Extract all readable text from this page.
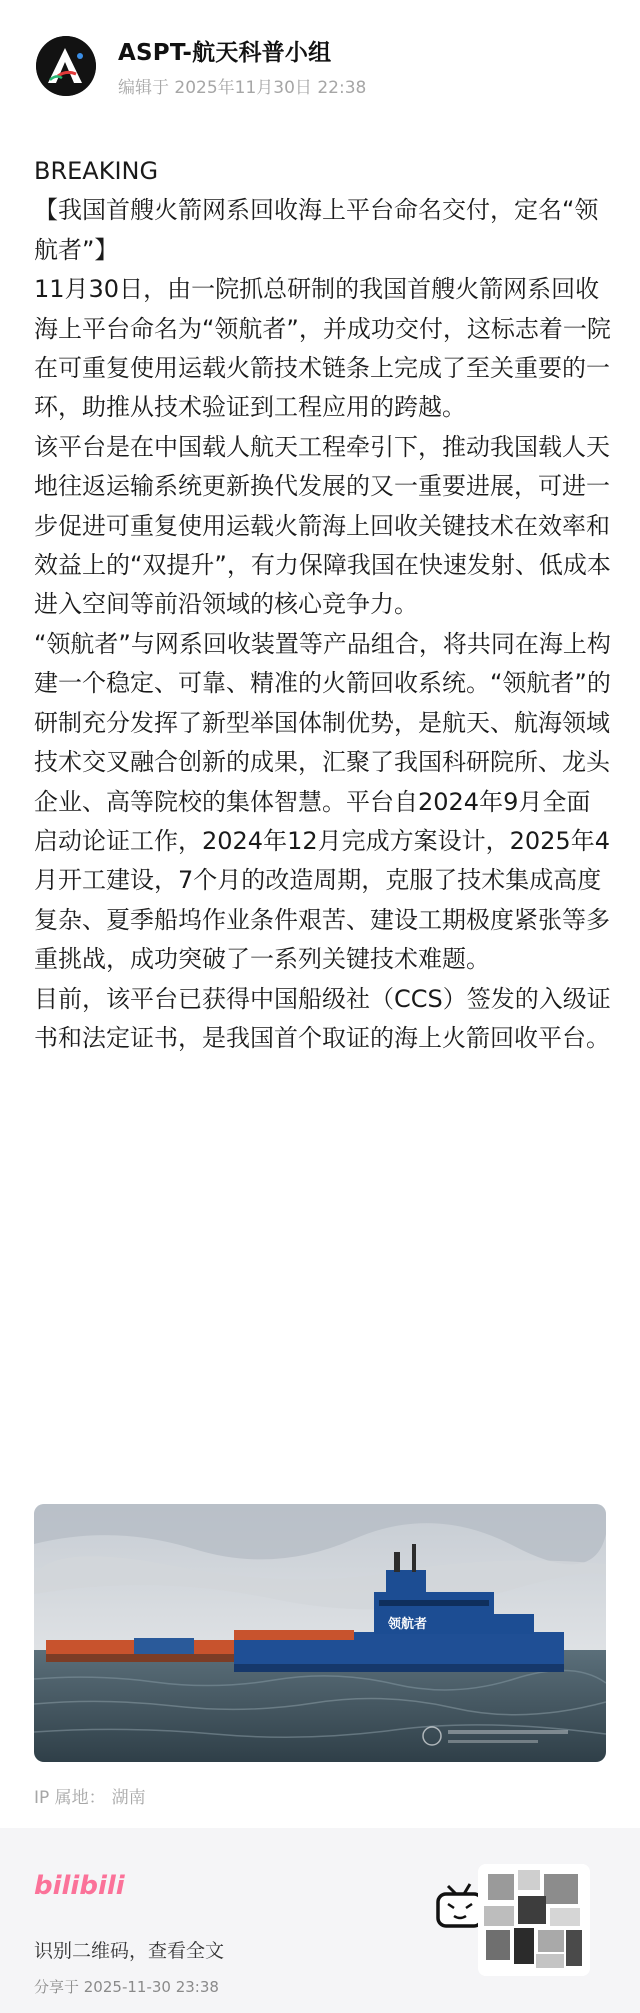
ASPT-航天科普小组
编辑于 2025年11月30日 22:38

BREAKING

【我国首艘火箭网系回收海上平台命名交付，定名“领航者”】

11月30日，由一院抓总研制的我国首艘火箭网系回收海上平台命名为“领航者”，并成功交付，这标志着一院在可重复使用运载火箭技术链条上完成了至关重要的一环，助推从技术验证到工程应用的跨越。

该平台是在中国载人航天工程牵引下，推动我国载人天地往返运输系统更新换代发展的又一重要进展，可进一步促进可重复使用运载火箭海上回收关键技术在效率和效益上的“双提升”，有力保障我国在快速发射、低成本进入空间等前沿领域的核心竞争力。

“领航者”与网系回收装置等产品组合，将共同在海上构建一个稳定、可靠、精准的火箭回收系统。“领航者”的研制充分发挥了新型举国体制优势，是航天、航海领域技术交叉融合创新的成果，汇聚了我国科研院所、龙头企业、高等院校的集体智慧。平台自2024年9月全面启动论证工作，2024年12月完成方案设计，2025年4月开工建设，7个月的改造周期，克服了技术集成高度复杂、夏季船坞作业条件艰苦、建设工期极度紧张等多重挑战，成功突破了一系列关键技术难题。

目前，该平台已获得中国船级社（CCS）签发的入级证书和法定证书，是我国首个取证的海上火箭回收平台。

领航者
IP 属地： 湖南
bilibili
识别二维码，查看全文
分享于 2025-11-30 23:38
